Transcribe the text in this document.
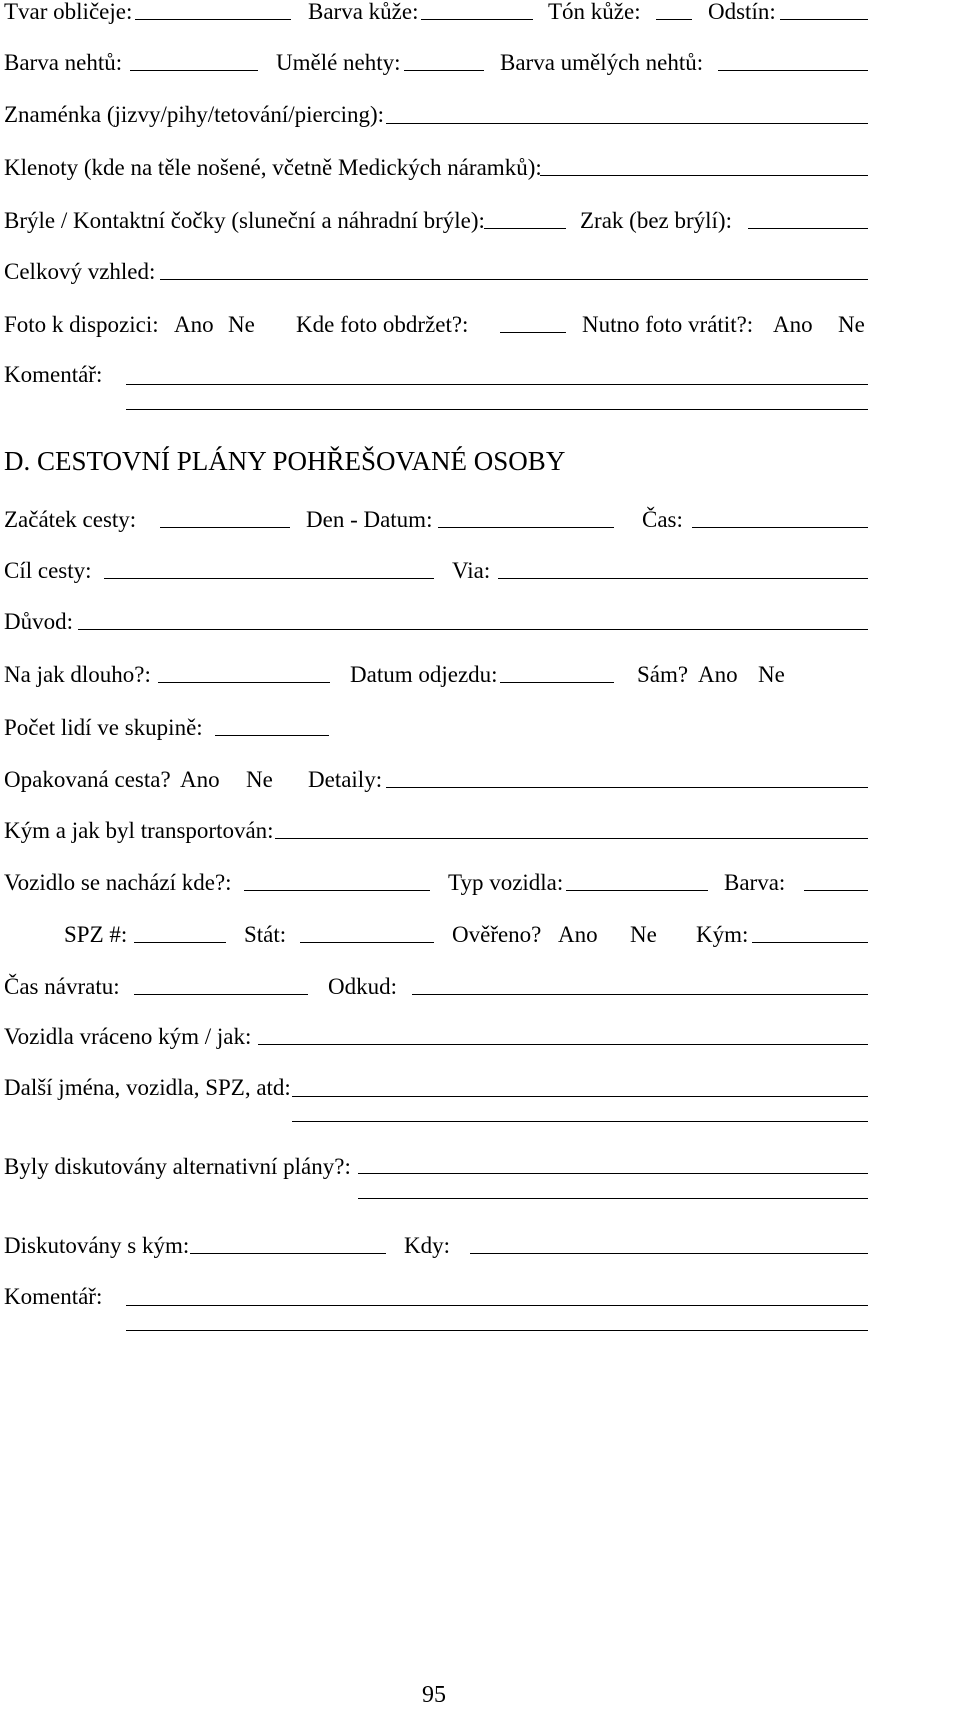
Tvar obličeje:	Barva kůže:	Tón kůže:	Odstín:
Barva nehtů:	Umělé nehty:	Barva umělých nehtů:
Znaménka (jizvy/pihy/tetování/piercing):
Klenoty (kde na těle nošené, včetně Medických náramků):
Brýle / Kontaktní čočky (sluneční a náhradní brýle):	Zrak (bez brýlí):
Celkový vzhled:
Foto k dispozici: Ano Ne Kde foto obdržet?:	Nutno foto vrátit?: Ano Ne
Komentář:
D. CESTOVNÍ PLÁNY POHŘEŠOVANÉ OSOBY
Začátek cesty:	Den - Datum:	Čas:
Cíl cesty:	Via:
Důvod:
Na jak dlouho?:	Datum odjezdu:	Sám? Ano Ne
Počet lidí ve skupině:
Opakovaná cesta? Ano Ne Detaily:
Kým a jak byl transportován:
Vozidlo se nachází kde?:	Typ vozidla:	Barva:
SPZ #:	Stát:	Ověřeno? Ano Ne Kým:
Čas návratu:	Odkud:
Vozidla vráceno kým / jak:
Další jména, vozidla, SPZ, atd:
Byly diskutovány alternativní plány?:
Diskutovány s kým:	Kdy:
Komentář:
95
